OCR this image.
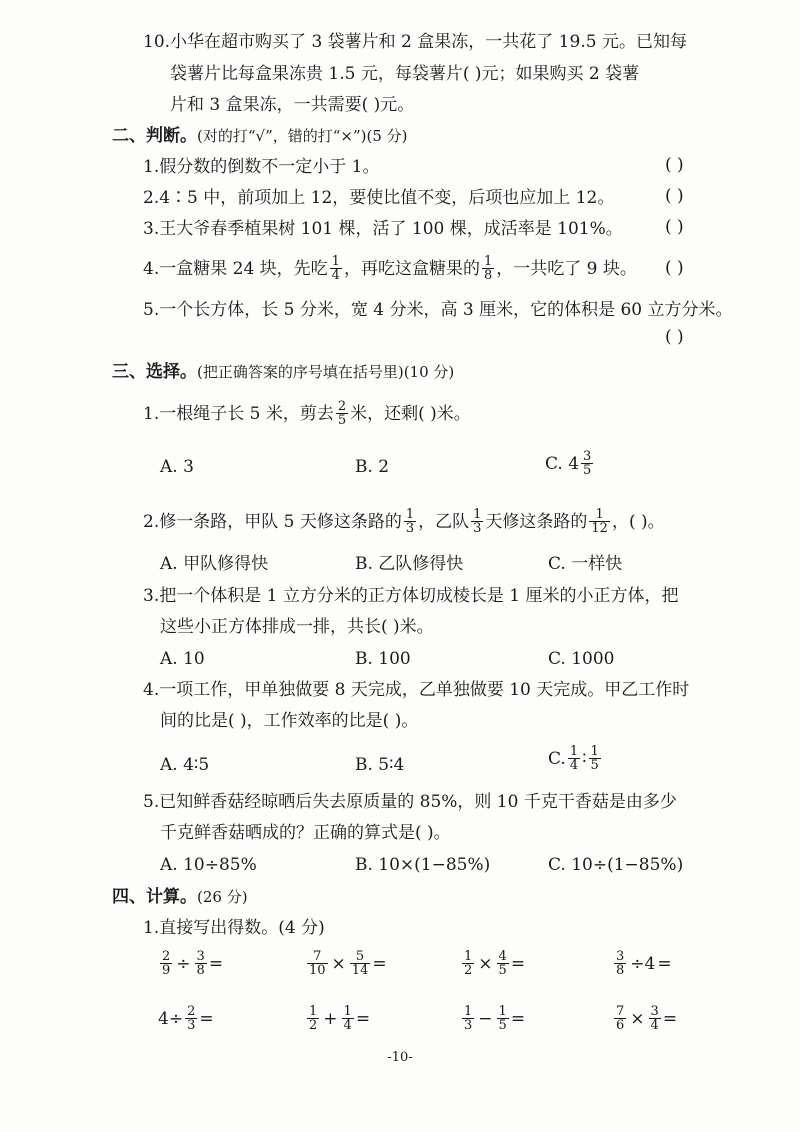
10.小华在超市购买了 3 袋薯片和 2 盒果冻，一共花了 19.5 元。已知每
袋薯片比每盒果冻贵 1.5 元，每袋薯片( )元；如果购买 2 袋薯
片和 3 盒果冻，一共需要( )元。
二、判断。(对的打“√”，错的打“×”)(5 分)
1.假分数的倒数不一定小于 1。	( )
2.4∶5 中，前项加上 12，要使比值不变，后项也应加上 12。	( )
3.王大爷春季植果树 101 棵，活了 100 棵，成活率是 101%。 ( )
4.一盒糖果 24 块，先吃 $\frac{1}{4}$ ，再吃这盒糖果的 $\frac{1}{8}$ ，一共吃了 9 块。 ( )
5.一个长方体，长 5 分米，宽 4 分米，高 3 厘米，它的体积是 60 立方分米。
( )
三、选择。(把正确答案的序号填在括号里)(10 分)
1.一根绳子长 5 米，剪去 $\frac{2}{5}$ 米，还剩( )米。
A. 3	B. 2	C. $4 \frac{3}{5}$
2.修一条路，甲队 5 天修这条路的 $\frac{1}{3}$ ，乙队 $\frac{1}{3}$ 天修这条路的 $\frac{1}{12}$ ，( )。
A. 甲队修得快	B. 乙队修得快	C. 一样快
3.把一个体积是 1 立方分米的正方体切成棱长是 1 厘米的小正方体，把
这些小正方体排成一排，共长( )米。
A. 10	B. 100	C. 1000
4.一项工作，甲单独做要 8 天完成，乙单独做要 10 天完成。甲乙工作时
间的比是( )，工作效率的比是( )。
A. 4∶5	B. 5∶4	C. $\frac{1}{4}$ ∶ $\frac{1}{5}$
5.已知鲜香菇经晾晒后失去原质量的 85%，则 10 千克干香菇是由多少
千克鲜香菇晒成的？正确的算式是( )。
A. 10÷85%	B. 10×(1−85%)	C. 10÷(1−85%)
四、计算。(26 分)
1.直接写出得数。(4 分)
$\frac{2}{9} \div \frac{3}{8}$ =	$\frac{7}{10} \times \frac{5}{14}$ =	$\frac{1}{2} \times \frac{4}{5}$ =	$\frac{3}{8} \div 4$ =
$4\div \frac{2}{3}$ =	$\frac{1}{2} + \frac{1}{4}$ =	$\frac{1}{3} - \frac{1}{5}$ =	$\frac{7}{6} \times \frac{3}{4}$ =
-10-
